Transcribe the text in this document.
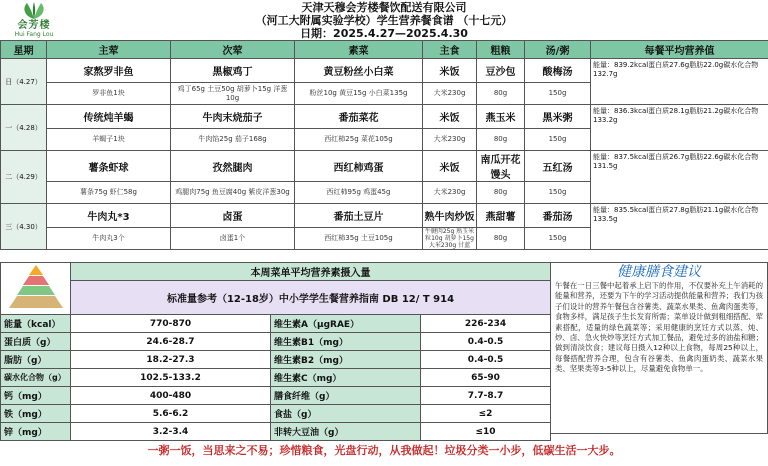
会芳楼
Hui Fang Lou
天津天穆会芳楼餐饮配送有限公司
（河工大附属实验学校）学生营养餐食谱 （十七元）
日期：2025.4.27—2025.4.30
星期	主荤	次荤	素菜	主食	粗粮	汤/粥	每餐平均营养值
日（4.27）	家熬罗非鱼	黑椒鸡丁	黄豆粉丝小白菜	米饭	豆沙包	酸梅汤	能量：839.2kcal蛋白质27.6g脂肪22.0g碳水化合物132.7g
	罗非鱼1块	鸡丁65g 土豆50g 胡萝卜15g 洋葱10g	粉丝10g 黄豆15g 小白菜135g	大米230g	80g	150g	
一（4.28）	传统炖羊蝎	牛肉末烧茄子	番茄菜花	米饭	燕玉米	黑米粥	能量：836.3kcal蛋白质28.1g脂肪21.2g碳水化合物133.2g
	羊蝎子1块	牛肉馅25g 茄子168g	西红柿25g 菜花105g	大米230g	80g	150g	
二（4.29）	薯条虾球	孜然腿肉	西红柿鸡蛋	米饭	南瓜开花馒头	五红汤	能量：837.5kcal蛋白质26.7g脂肪22.6g碳水化合物131.5g
	薯条75g 虾仁58g	鸡腿肉75g 鱼豆腐40g 紫皮洋葱30g	西红柿95g 鸡蛋45g	大米230g	80g	150g	
三（4.30）	牛肉丸*3	卤蛋	番茄土豆片	熟牛肉炒饭	燕甜薯	番茄汤	能量：835.5kcal蛋白质27.8g脂肪21.1g碳水化合物133.5g
	牛肉丸3个	卤蛋1个	西红柿35g 土豆105g	牛腱肉25g 熟玉米粒10g 胡萝卜15g 大米230g 甘蓝	80g	150g	
	本周菜单平均营养素摄入量		
	标准量参考（12-18岁）中小学学生餐营养指南 DB 12/ T 914		
能量（kcal）	770-870	维生素A（μgRAE）	226-234
蛋白质（g）	24.6-28.7	维生素B1（mg）	0.4-0.5
脂肪（g）	18.2-27.3	维生素B2（mg）	0.4-0.5
碳水化合物（g）	102.5-133.2	维生素C（mg）	65-90
钙（mg）	400-480	膳食纤维（g）	7.7-8.7
铁（mg）	5.6-6.2	食盐（g）	≤2
锌（mg）	3.2-3.4	非转大豆油（g）	≤10
健康膳食建议
午餐在一日三餐中起着承上启下的作用，不仅要补充上午消耗的能量和营养，还要为下午的学习活动提供能量和营养；我们为孩子们设计的营养午餐包含谷薯类、蔬菜水果类、鱼禽肉蛋类等，食物多样，满足孩子生长发育所需；菜单设计做到粗细搭配、荤素搭配，适量的绿色蔬菜等；采用健康的烹饪方式以蒸、炖、炒、卤、急火快炒等烹饪方式加工餐品，避免过多的油盐和糖；做到清淡饮食；建议每日摄入12种以上食物，每周25种以上，每餐搭配营养合理，包含有谷薯类、鱼禽肉蛋奶类、蔬菜水果类、坚果类等3-5种以上，尽量避免食物单一。
一粥一饭，当思来之不易；珍惜粮食，光盘行动，从我做起！垃圾分类一小步，低碳生活一大步。
